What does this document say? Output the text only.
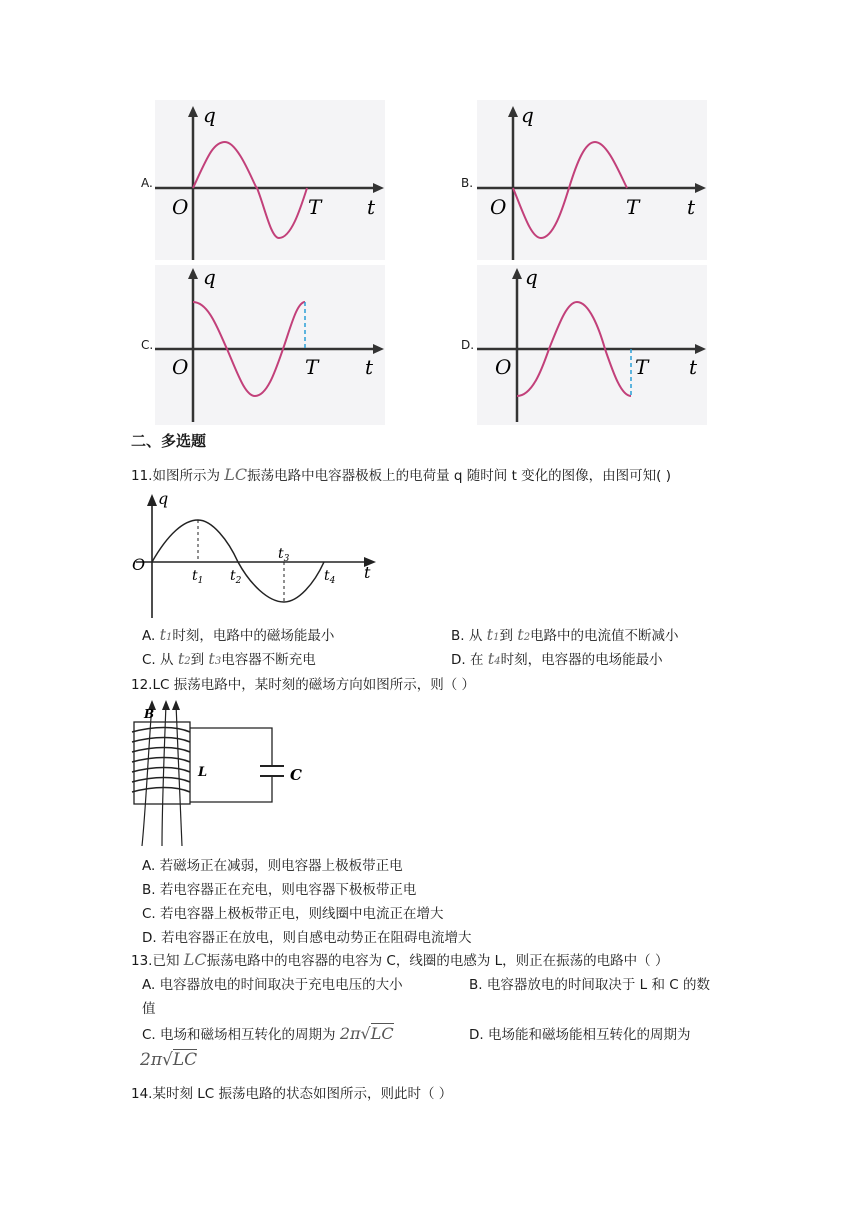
A.
q
O	T t
B.
q
O	T t
C.
q
O	T t
D.
q
O	T t
二、多选题
11.如图所示为 LC振荡电路中电容器极板上的电荷量 q 随时间 t 变化的图像，由图可知( )
q
O	t
$t_1$ $t_2$
$t_3$
$t_4$
A. t1时刻，电路中的磁场能最小	B. 从 t1到 t2电路中的电流值不断减小
C. 从 t2到 t3电容器不断充电	D. 在 t4时刻，电容器的电场能最小
12.LC 振荡电路中，某时刻的磁场方向如图所示，则（ ）
B
L	C
A. 若磁场正在减弱，则电容器上极板带正电
B. 若电容器正在充电，则电容器下极板带正电
C. 若电容器上极板带正电，则线圈中电流正在增大
D. 若电容器正在放电，则自感电动势正在阻碍电流增大
13.已知 LC振荡电路中的电容器的电容为 C，线圈的电感为 L，则正在振荡的电路中（ ）
A. 电容器放电的时间取决于充电电压的大小	B. 电容器放电的时间取决于 L 和 C 的数
值
C. 电场和磁场相互转化的周期为 2π√LC	D. 电场能和磁场能相互转化的周期为
2π√LC
14.某时刻 LC 振荡电路的状态如图所示，则此时（ ）
